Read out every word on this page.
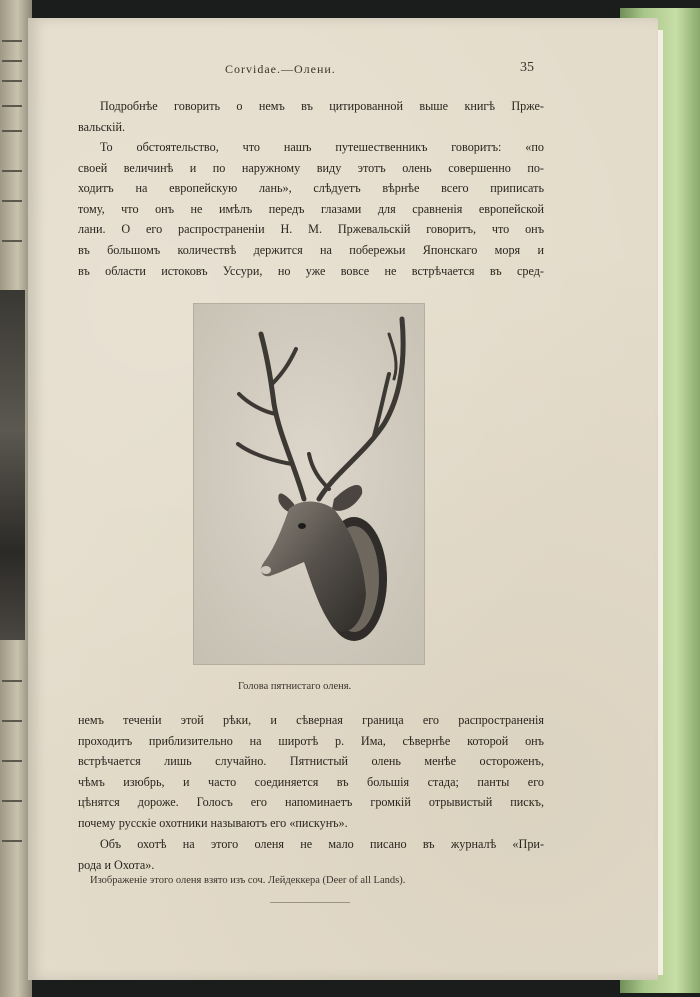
Corvidae.—Олени.	35
Подробнѣе говорить о немъ въ цитированной выше книгѣ Прже-
вальскій.
То обстоятельство, что нашъ путешественникъ говоритъ: «по
своей величинѣ и по наружному виду этотъ олень совершенно по-
ходитъ на европейскую лань», слѣдуетъ вѣрнѣе всего приписать
тому, что онъ не имѣлъ передъ глазами для сравненія европейской
лани. О его распространеніи Н. М. Пржевальскій говоритъ, что онъ
въ большомъ количествѣ держится на побережьи Японскаго моря и
въ области истоковъ Уссури, но уже вовсе не встрѣчается въ сред-
Голова пятнистаго оленя.
немъ теченіи этой рѣки, и сѣверная граница его распространенія
проходитъ приблизительно на широтѣ р. Има, сѣвернѣе которой онъ
встрѣчается лишь случайно. Пятнистый олень менѣе остороженъ,
чѣмъ изюбрь, и часто соединяется въ большія стада; панты его
цѣнятся дороже. Голосъ его напоминаетъ громкій отрывистый пискъ,
почему русскіе охотники называютъ его «пискунъ».
Объ охотѣ на этого оленя не мало писано въ журналѣ «При-
рода и Охота».
Изображеніе этого оленя взято изъ соч. Лейдеккера (Deer of all Lands).
